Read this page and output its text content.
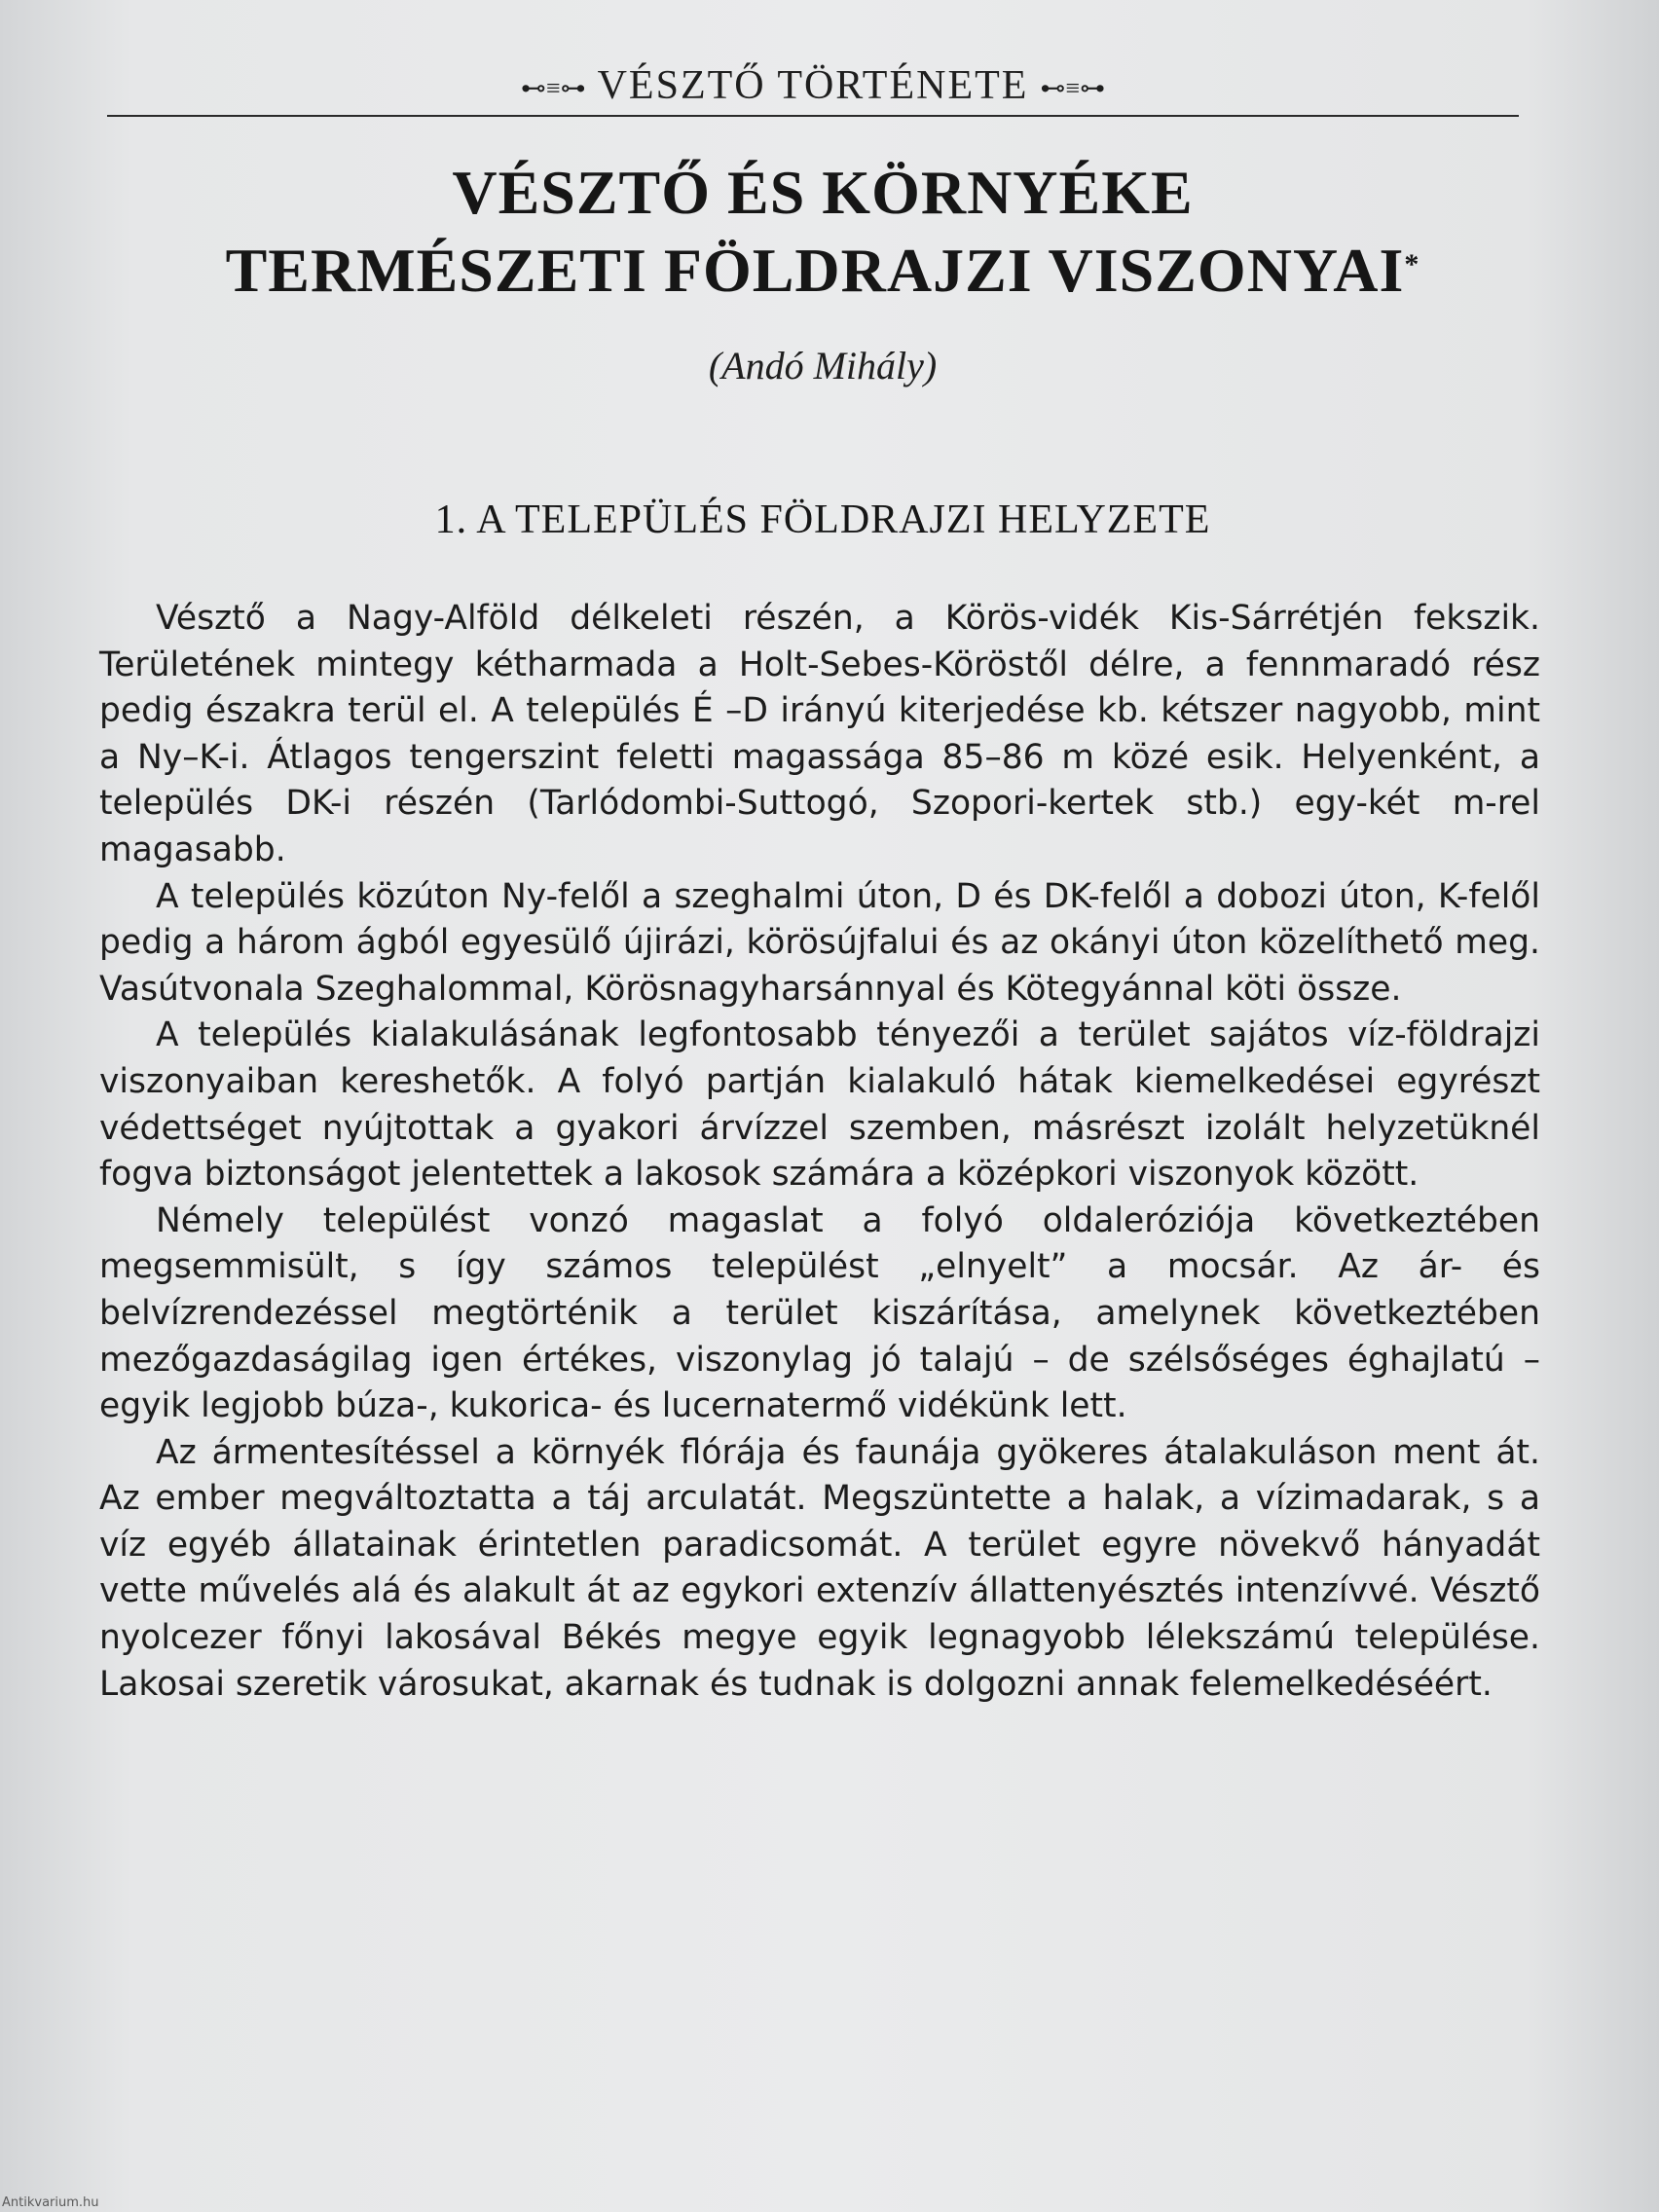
⊷≡⊶ VÉSZTŐ TÖRTÉNETE ⊷≡⊶
VÉSZTŐ ÉS KÖRNYÉKE
TERMÉSZETI FÖLDRAJZI VISZONYAI*
(Andó Mihály)
1. A TELEPÜLÉS FÖLDRAJZI HELYZETE

Vésztő a Nagy-Alföld délkeleti részén, a Körös-vidék Kis-Sárrétjén fekszik. Területének mintegy kétharmada a Holt-Sebes-Köröstől délre, a fennmaradó rész pedig északra terül el. A település É –D irányú kiterjedése kb. kétszer nagyobb, mint a Ny–K-i. Átlagos tengerszint feletti magassága 85–86 m közé esik. Helyenként, a település DK-i részén (Tarlódombi-Suttogó, Szopori-kertek stb.) egy-két m-rel magasabb.

A település közúton Ny-felől a szeghalmi úton, D és DK-felől a dobozi úton, K-felől pedig a három ágból egyesülő újirázi, körösújfalui és az okányi úton közelíthető meg. Vasútvonala Szeghalommal, Körösnagyharsánnyal és Kötegyánnal köti össze.

A település kialakulásának legfontosabb tényezői a terület sajátos víz-földrajzi viszonyaiban kereshetők. A folyó partján kialakuló hátak kiemelkedései egyrészt védettséget nyújtottak a gyakori árvízzel szemben, másrészt izolált helyzetüknél fogva biztonságot jelentettek a lakosok számára a középkori viszonyok között.

Némely települést vonzó magaslat a folyó oldaleróziója következtében megsemmisült, s így számos települést „elnyelt” a mocsár. Az ár- és belvízrendezéssel megtörténik a terület kiszárítása, amelynek következtében mezőgazdaságilag igen értékes, viszonylag jó talajú – de szélsőséges éghajlatú – egyik legjobb búza-, kukorica- és lucernatermő vidékünk lett.

Az ármentesítéssel a környék flórája és faunája gyökeres átalakuláson ment át. Az ember megváltoztatta a táj arculatát. Megszüntette a halak, a vízimadarak, s a víz egyéb állatainak érintetlen paradicsomát. A terület egyre növekvő hányadát vette művelés alá és alakult át az egykori extenzív állattenyésztés intenzívvé. Vésztő nyolcezer főnyi lakosával Békés megye egyik legnagyobb lélekszámú települése. Lakosai szeretik városukat, akarnak és tudnak is dolgozni annak felemelkedéséért.

Antikvarium.hu
